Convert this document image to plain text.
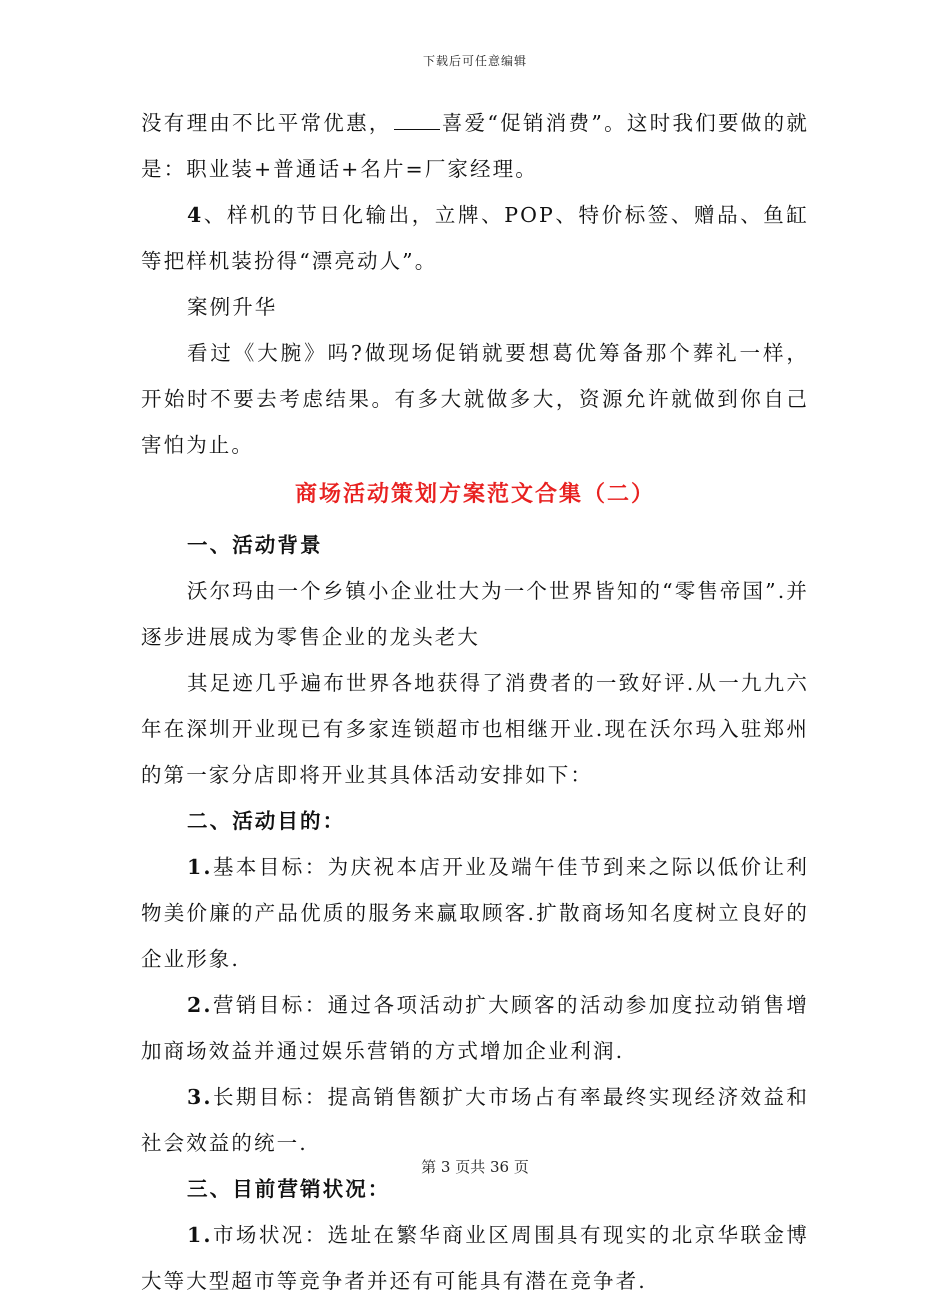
下载后可任意编辑

没有理由不比平常优惠， 喜爱“促销消费”。这时我们要做的就是：职业装+普通话+名片=厂家经理。

4、样机的节日化输出，立牌、POP、特价标签、赠品、鱼缸等把样机装扮得“漂亮动人”。

案例升华

看过《大腕》吗?做现场促销就要想葛优筹备那个葬礼一样，开始时不要去考虑结果。有多大就做多大，资源允许就做到你自己害怕为止。

商场活动策划方案范文合集（二）

一、活动背景

沃尔玛由一个乡镇小企业壮大为一个世界皆知的“零售帝国”.并逐步进展成为零售企业的龙头老大

其足迹几乎遍布世界各地获得了消费者的一致好评.从一九九六年在深圳开业现已有多家连锁超市也相继开业.现在沃尔玛入驻郑州的第一家分店即将开业其具体活动安排如下：

二、活动目的：

1.基本目标：为庆祝本店开业及端午佳节到来之际以低价让利物美价廉的产品优质的服务来赢取顾客.扩散商场知名度树立良好的企业形象.

2.营销目标：通过各项活动扩大顾客的活动参加度拉动销售增加商场效益并通过娱乐营销的方式增加企业利润.

3.长期目标：提高销售额扩大市场占有率最终实现经济效益和社会效益的统一.

三、目前营销状况：

1.市场状况：选址在繁华商业区周围具有现实的北京华联金博大等大型超市等竞争者并还有可能具有潜在竞争者.

第 3 页共 36 页
